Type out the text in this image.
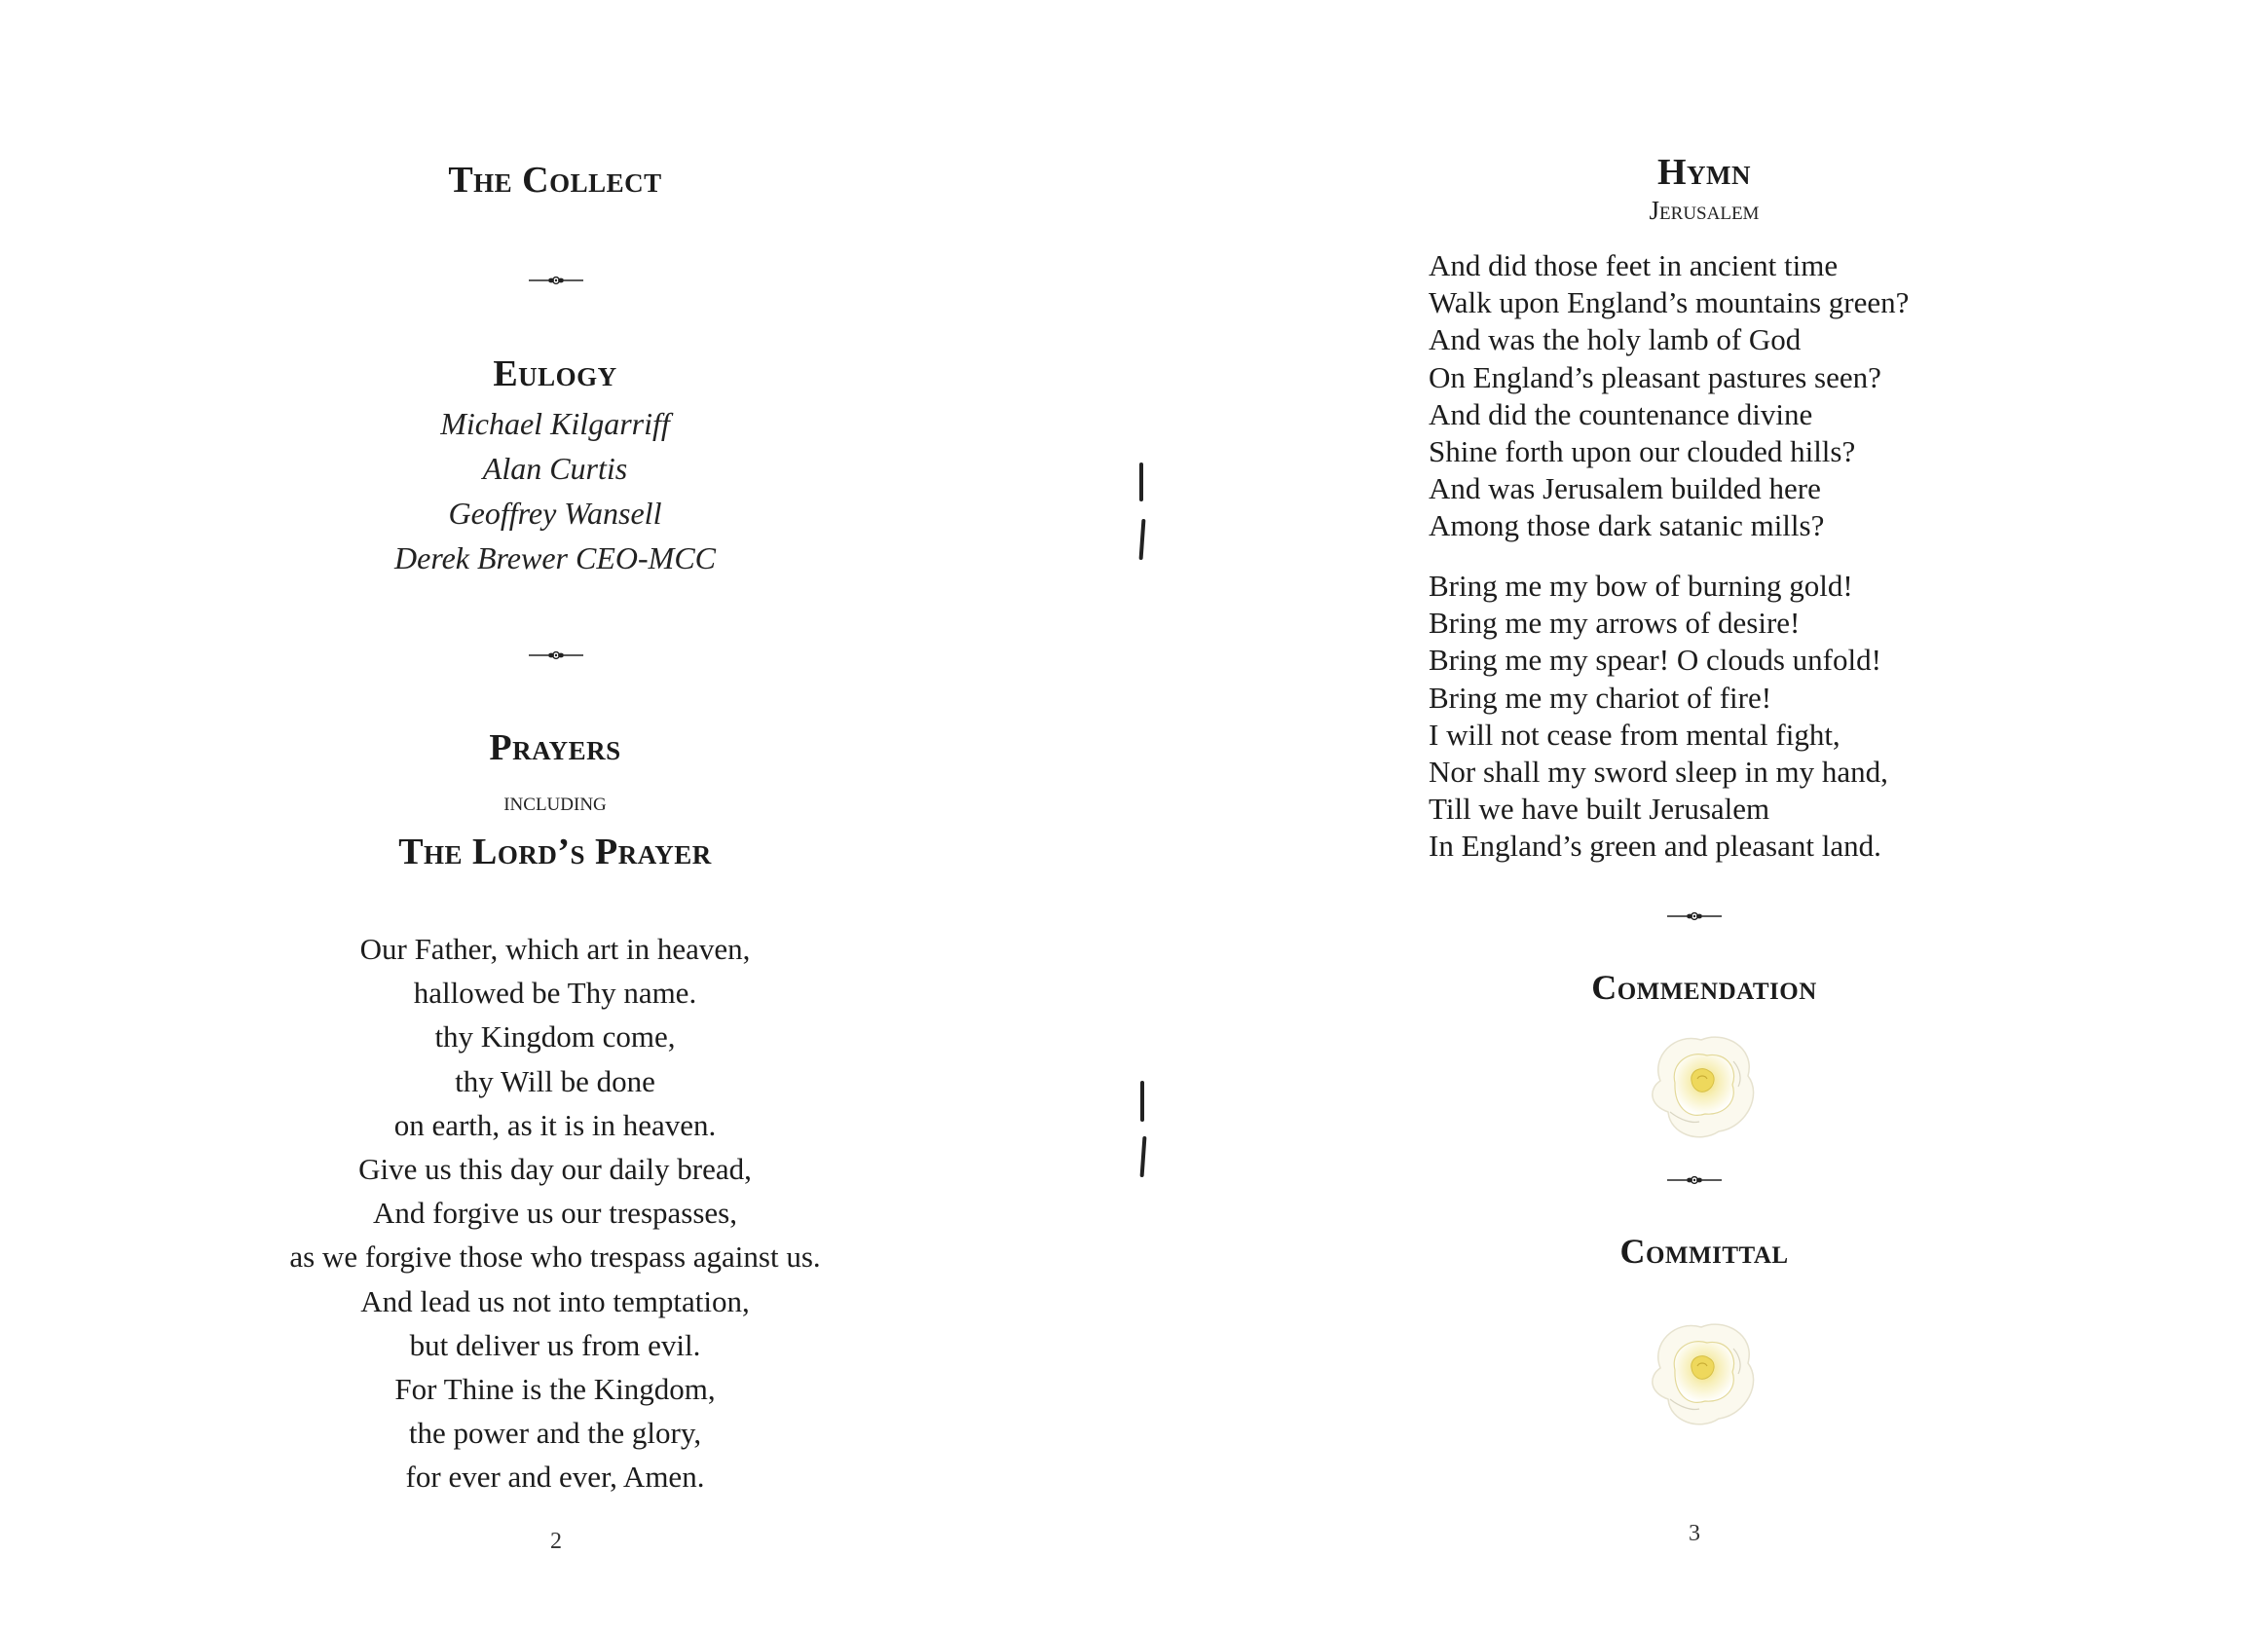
The Collect
Eulogy
Michael Kilgarriff
Alan Curtis
Geoffrey Wansell
Derek Brewer CEO-MCC
Prayers
including
The Lord’s Prayer
Our Father, which art in heaven,
hallowed be Thy name.
thy Kingdom come,
thy Will be done
on earth, as it is in heaven.
Give us this day our daily bread,
And forgive us our trespasses,
as we forgive those who trespass against us.
And lead us not into temptation,
but deliver us from evil.
For Thine is the Kingdom,
the power and the glory,
for ever and ever, Amen.
2
Hymn
Jerusalem

And did those feet in ancient time

Walk upon England’s mountains green?

And was the holy lamb of God

On England’s pleasant pastures seen?

And did the countenance divine

Shine forth upon our clouded hills?

And was Jerusalem builded here

Among those dark satanic mills?

Bring me my bow of burning gold!

Bring me my arrows of desire!

Bring me my spear! O clouds unfold!

Bring me my chariot of fire!

I will not cease from mental fight,

Nor shall my sword sleep in my hand,

Till we have built Jerusalem

In England’s green and pleasant land.

Commendation
Committal
3
